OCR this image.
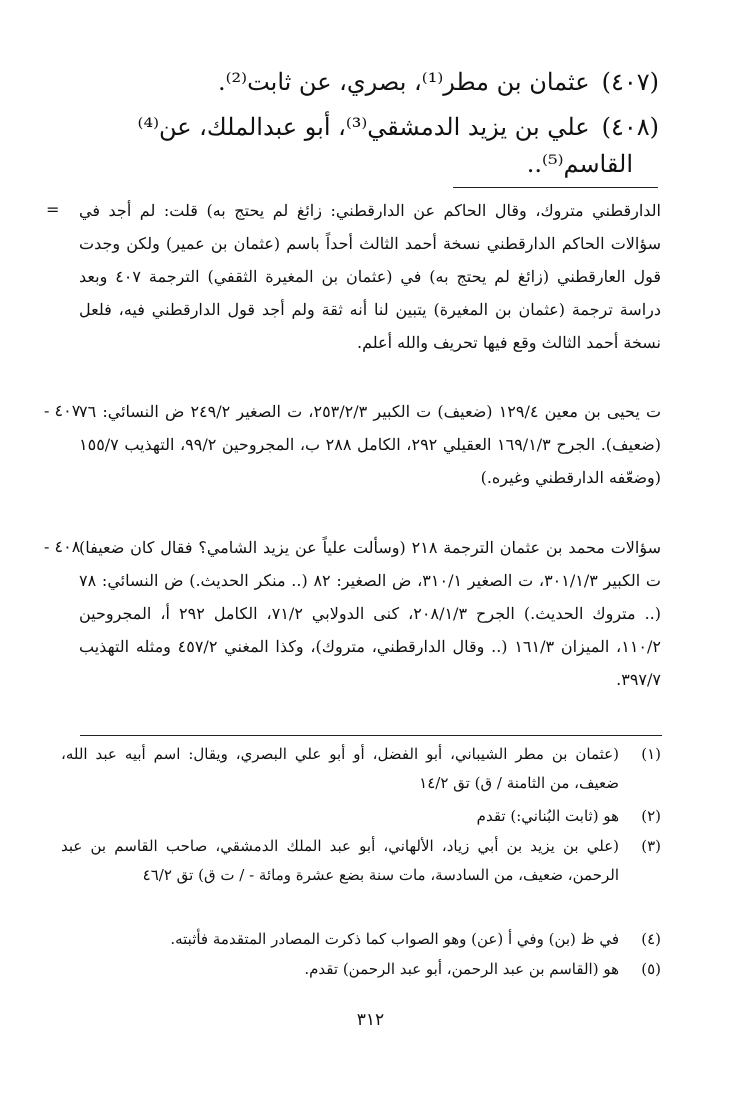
(٤٠٧)عثمان بن مطر⁽¹⁾، بصري، عن ثابت⁽²⁾.
(٤٠٨)علي بن يزيد الدمشقي⁽³⁾، أبو عبدالملك، عن⁽⁴⁾
القاسم⁽⁵⁾..
= الدارقطني متروك، وقال الحاكم عن الدارقطني: زائغ لم يحتج به) قلت: لم أجد في سؤالات الحاكم الدارقطني نسخة أحمد الثالث أحداً باسم (عثمان بن عمير) ولكن وجدت قول العارقطني (زائغ لم يحتج به) في (عثمان بن المغيرة الثقفي) الترجمة ٤٠٧ وبعد دراسة ترجمة (عثمان بن المغيرة) يتبين لنا أنه ثقة ولم أجد قول الدارقطني فيه، فلعل نسخة أحمد الثالث وقع فيها تحريف والله أعلم.

٤٠٧ -

ت يحيى بن معين ١٢٩/٤ (ضعيف) ت الكبير ٢٥٣/٢/٣، ت الصغير ٢٤٩/٢ ض النسائي: ٧٦ (ضعيف). الجرح ١٦٩/١/٣ العقيلي ٢٩٢، الكامل ٢٨٨ ب، المجروحين ٩٩/٢، التهذيب ١٥٥/٧ (وضعّفه الدارقطني وغيره.)

٤٠٨ -

سؤالات محمد بن عثمان الترجمة ٢١٨ (وسألت علياً عن يزيد الشامي؟ فقال كان ضعيفا) ت الكبير ٣٠١/١/٣، ت الصغير ٣١٠/١، ض الصغير: ٨٢ (.. منكر الحديث.) ض النسائي: ٧٨ (.. متروك الحديث.) الجرح ٢٠٨/١/٣، كنى الدولابي ٧١/٢، الكامل ٢٩٢ أ، المجروحين ١١٠/٢، الميزان ١٦١/٣ (.. وقال الدارقطني، متروك)، وكذا المغني ٤٥٧/٢ ومثله التهذيب ٣٩٧/٧.

(١)
(عثمان بن مطر الشيباني، أبو الفضل، أو أبو علي البصري، ويقال: اسم أبيه عبد الله، ضعيف، من الثامنة / ق) تق ١٤/٢
(٢)
هو (ثابت البُناني:) تقدم
(٣)
(علي بن يزيد بن أبي زياد، الألهاني، أبو عبد الملك الدمشقي، صاحب القاسم بن عبد الرحمن، ضعيف، من السادسة، مات سنة بضع عشرة ومائة - / ت ق) تق ٤٦/٢
(٤)
في ظ (بن) وفي أ (عن) وهو الصواب كما ذكرت المصادر المتقدمة فأثبته.
(٥)
هو (القاسم بن عبد الرحمن، أبو عبد الرحمن) تقدم.
٣١٢
